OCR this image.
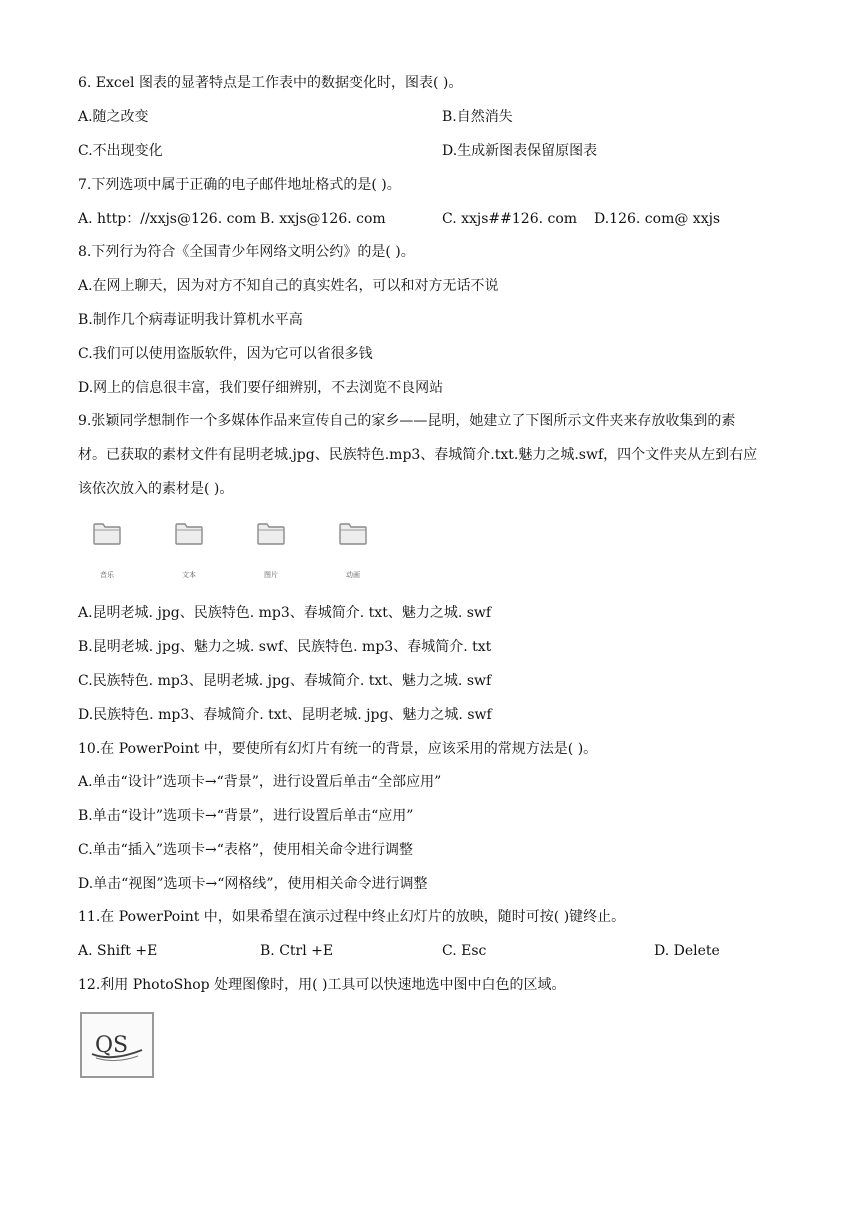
6. Excel 图表的显著特点是工作表中的数据变化时，图表( )。
A.随之改变	B.自然消失
C.不出现变化	D.生成新图表保留原图表
7.下列选项中属于正确的电子邮件地址格式的是( )。
A. http：//xxjs@126. com B. xxjs@126. com	C. xxjs##126. com D.126. com@ xxjs
8.下列行为符合《全国青少年网络文明公约》的是( )。
A.在网上聊天，因为对方不知自己的真实姓名，可以和对方无话不说
B.制作几个病毒证明我计算机水平高
C.我们可以使用盗版软件，因为它可以省很多钱
D.网上的信息很丰富，我们要仔细辨别，不去浏览不良网站
9.张颖同学想制作一个多媒体作品来宣传自己的家乡——昆明，她建立了下图所示文件夹来存放收集到的素
材。已获取的素材文件有昆明老城.jpg、民族特色.mp3、春城简介.txt.魅力之城.swf，四个文件夹从左到右应
该依次放入的素材是( )。
音乐	文本	图片	动画
A.昆明老城. jpg、民族特色. mp3、春城简介. txt、魅力之城. swf
B.昆明老城. jpg、魅力之城. swf、民族特色. mp3、春城简介. txt
C.民族特色. mp3、昆明老城. jpg、春城简介. txt、魅力之城. swf
D.民族特色. mp3、春城简介. txt、昆明老城. jpg、魅力之城. swf
10.在 PowerPoint 中，要使所有幻灯片有统一的背景，应该采用的常规方法是( )。
A.单击“设计”选项卡→“背景”，进行设置后单击“全部应用”
B.单击“设计”选项卡→“背景”，进行设置后单击“应用”
C.单击“插入”选项卡→“表格”，使用相关命令进行调整
D.单击“视图”选项卡→“网格线”，使用相关命令进行调整
11.在 PowerPoint 中，如果希望在演示过程中终止幻灯片的放映，随时可按( )键终止。
A. Shift +E	B. Ctrl +E	C. Esc	D. Delete
12.利用 PhotoShop 处理图像时，用( )工具可以快速地选中图中白色的区域。
QS
